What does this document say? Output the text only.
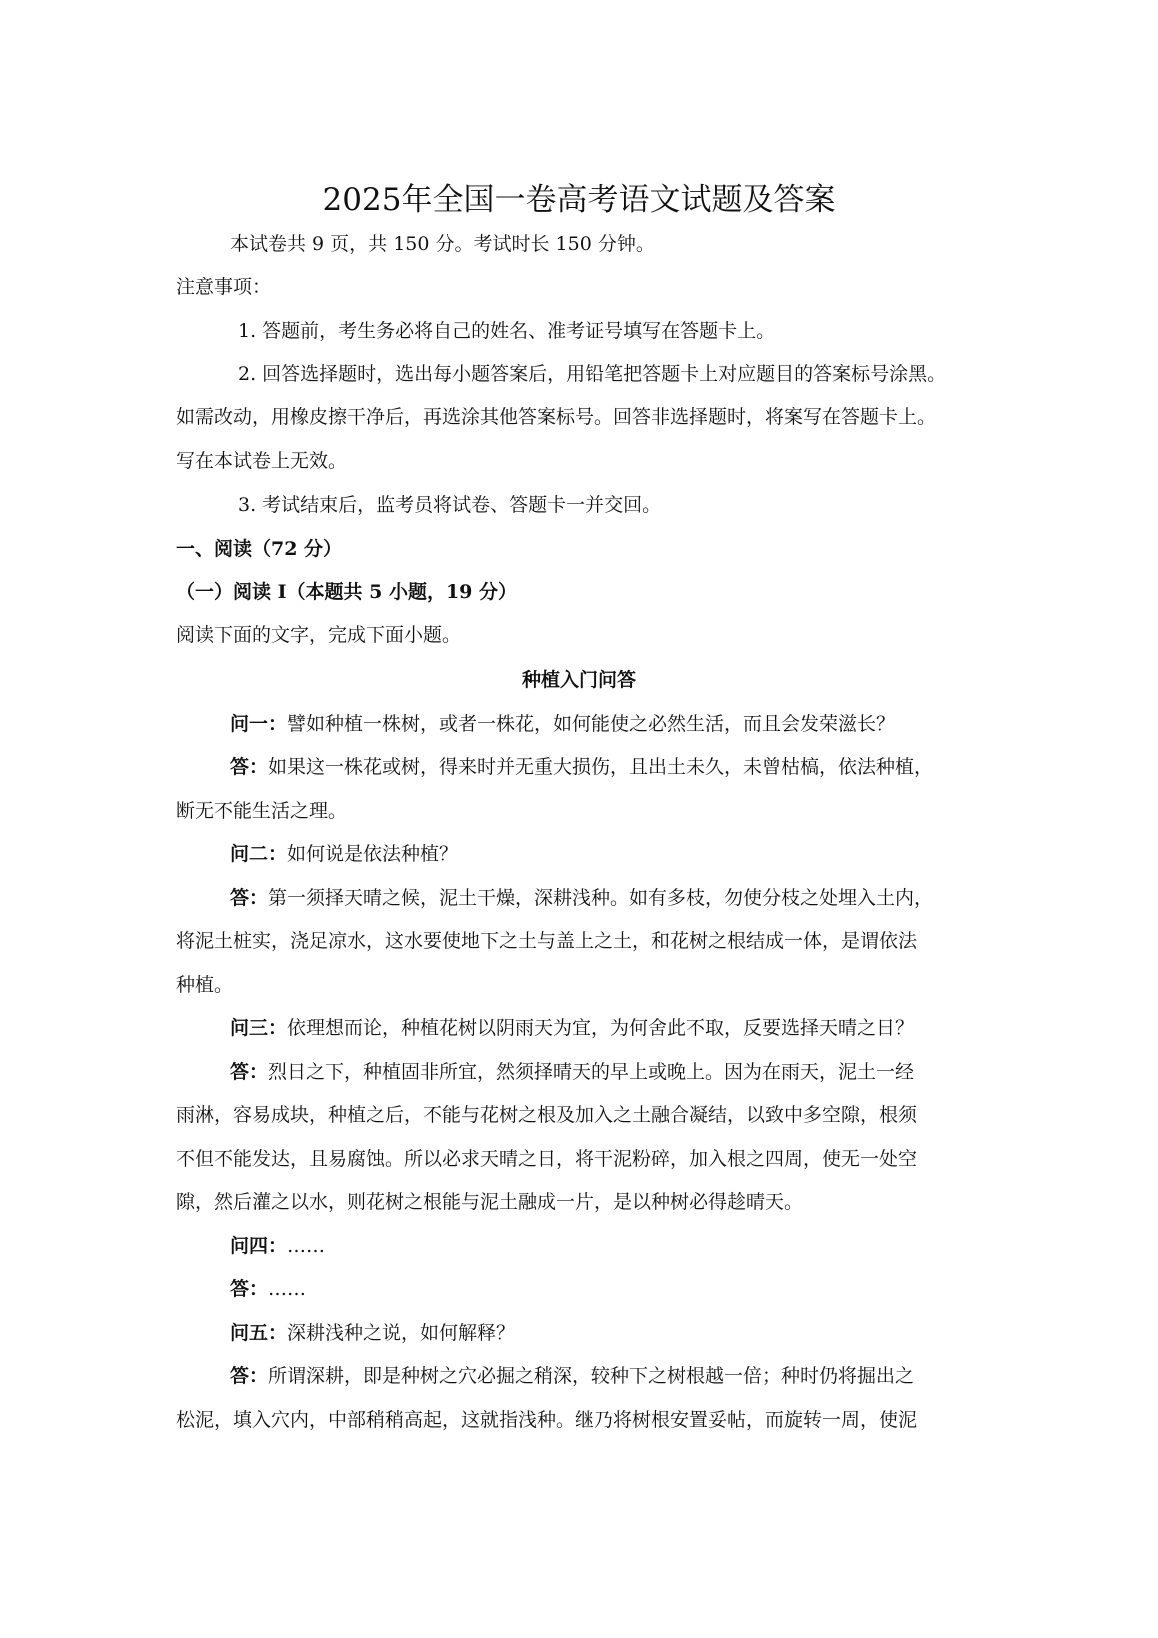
2025年全国一卷高考语文试题及答案
本试卷共 9 页，共 150 分。考试时长 150 分钟。
注意事项：
1. 答题前，考生务必将自己的姓名、准考证号填写在答题卡上。
2. 回答选择题时，选出每小题答案后，用铅笔把答题卡上对应题目的答案标号涂黑。
如需改动，用橡皮擦干净后，再选涂其他答案标号。回答非选择题时，将案写在答题卡上。
写在本试卷上无效。
3. 考试结束后，监考员将试卷、答题卡一并交回。
一、阅读（72 分）
（一）阅读 I（本题共 5 小题，19 分）
阅读下面的文字，完成下面小题。
种植入门问答
问一：譬如种植一株树，或者一株花，如何能使之必然生活，而且会发荣滋长？
答：如果这一株花或树，得来时并无重大损伤，且出土未久，未曾枯槁，依法种植，
断无不能生活之理。
问二：如何说是依法种植？
答：第一须择天晴之候，泥土干燥，深耕浅种。如有多枝，勿使分枝之处埋入土内，
将泥土桩实，浇足凉水，这水要使地下之土与盖上之土，和花树之根结成一体，是谓依法
种植。
问三：依理想而论，种植花树以阴雨天为宜，为何舍此不取，反要选择天晴之日？
答：烈日之下，种植固非所宜，然须择晴天的早上或晚上。因为在雨天，泥土一经
雨淋，容易成块，种植之后，不能与花树之根及加入之土融合凝结，以致中多空隙，根须
不但不能发达，且易腐蚀。所以必求天晴之日，将干泥粉碎，加入根之四周，使无一处空
隙，然后灌之以水，则花树之根能与泥土融成一片，是以种树必得趁晴天。
问四：……
答：……
问五：深耕浅种之说，如何解释？
答：所谓深耕，即是种树之穴必掘之稍深，较种下之树根越一倍；种时仍将掘出之
松泥，填入穴内，中部稍稍高起，这就指浅种。继乃将树根安置妥帖，而旋转一周，使泥
